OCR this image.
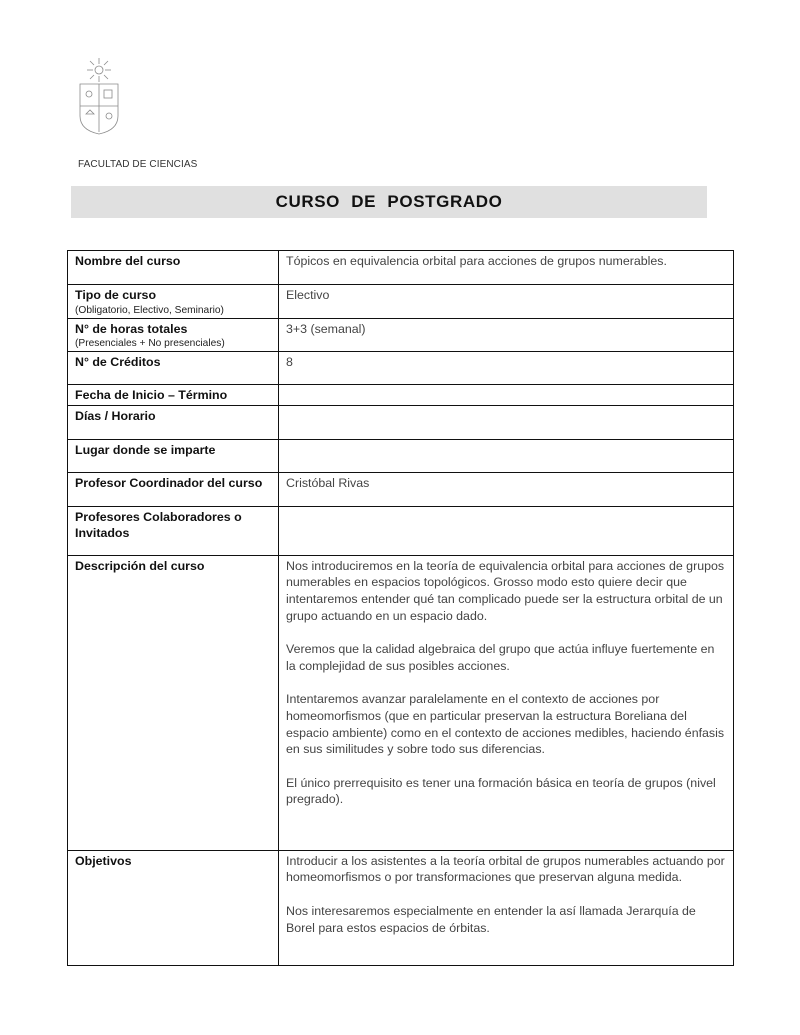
FACULTAD DE CIENCIAS
CURSO DE POSTGRADO
Nombre del curso	Tópicos en equivalencia orbital para acciones de grupos numerables.
Tipo de curso
(Obligatorio, Electivo, Seminario)	Electivo
N° de horas totales
(Presenciales + No presenciales)	3+3 (semanal)
N° de Créditos	8
Fecha de Inicio – Término	
Días / Horario	
Lugar donde se imparte	
Profesor Coordinador del curso	Cristóbal Rivas
Profesores Colaboradores o Invitados	
Descripción del curso	Nos introduciremos en la teoría de equivalencia orbital para acciones de grupos numerables en espacios topológicos. Grosso modo esto quiere decir que intentaremos entender qué tan complicado puede ser la estructura orbital de un grupo actuando en un espacio dado.

Veremos que la calidad algebraica del grupo que actúa influye fuertemente en la complejidad de sus posibles acciones.

Intentaremos avanzar paralelamente en el contexto de acciones por homeomorfismos (que en particular preservan la estructura Boreliana del espacio ambiente) como en el contexto de acciones medibles, haciendo énfasis en sus similitudes y sobre todo sus diferencias.

El único prerrequisito es tener una formación básica en teoría de grupos (nivel pregrado).

Objetivos	Introducir a los asistentes a la teoría orbital de grupos numerables actuando por homeomorfismos o por transformaciones que preservan alguna medida.

Nos interesaremos especialmente en entender la así llamada Jerarquía de Borel para estos espacios de órbitas.
